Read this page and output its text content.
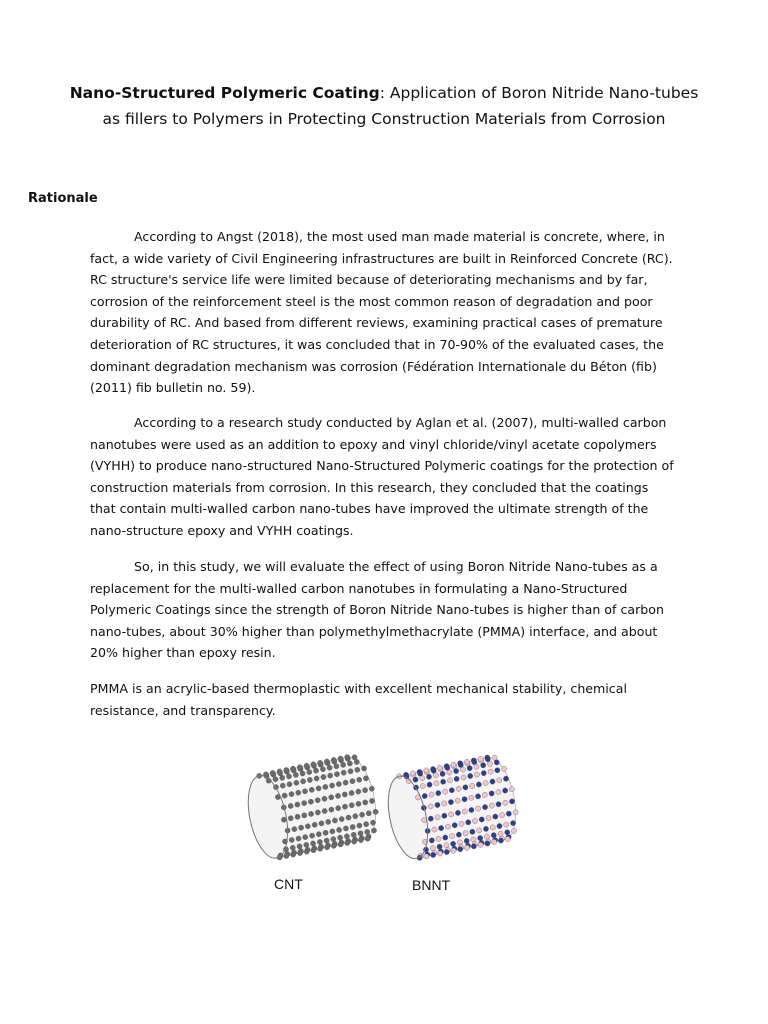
Nano-Structured Polymeric Coating: Application of Boron Nitride Nano-tubes as fillers to Polymers in Protecting Construction Materials from Corrosion
Rationale

According to Angst (2018), the most used man made material is concrete, where, in fact, a wide variety of Civil Engineering infrastructures are built in Reinforced Concrete (RC). RC structure's service life were limited because of deteriorating mechanisms and by far, corrosion of the reinforcement steel is the most common reason of degradation and poor durability of RC. And based from different reviews, examining practical cases of premature deterioration of RC structures, it was concluded that in 70-90% of the evaluated cases, the dominant degradation mechanism was corrosion (Fédération Internationale du Béton (fib) (2011) fib bulletin no. 59).

According to a research study conducted by Aglan et al. (2007), multi-walled carbon nanotubes were used as an addition to epoxy and vinyl chloride/vinyl acetate copolymers (VYHH) to produce nano-structured Nano-Structured Polymeric coatings for the protection of construction materials from corrosion. In this research, they concluded that the coatings that contain multi-walled carbon nano-tubes have improved the ultimate strength of the nano-structure epoxy and VYHH coatings.

So, in this study, we will evaluate the effect of using Boron Nitride Nano-tubes as a replacement for the multi-walled carbon nanotubes in formulating a Nano-Structured Polymeric Coatings since the strength of Boron Nitride Nano-tubes is higher than of carbon nano-tubes, about 30% higher than polymethylmethacrylate (PMMA) interface, and about 20% higher than epoxy resin.

PMMA is an acrylic-based thermoplastic with excellent mechanical stability, chemical resistance, and transparency.

CNT	BNNT
